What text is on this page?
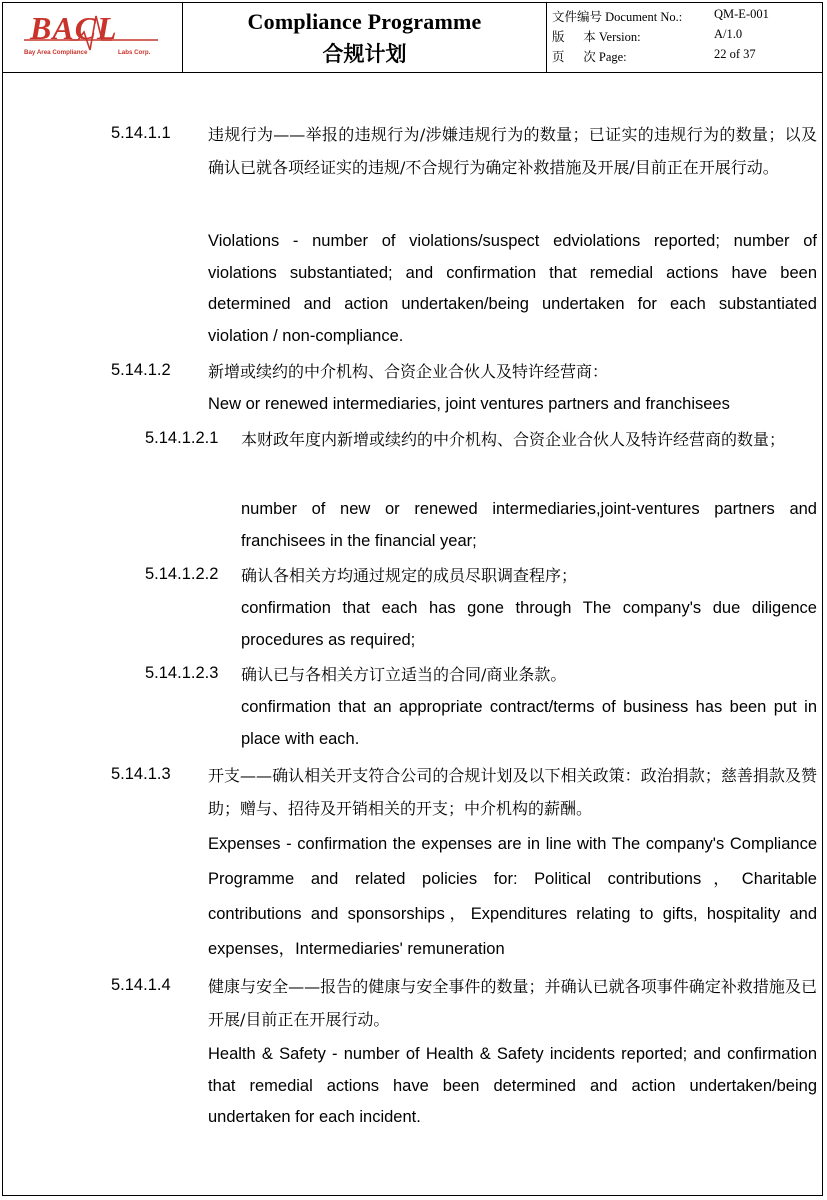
BACL
Bay Area Compliance	Labs Corp.
Compliance Programme
合规计划
文件编号 Document No.:	QM-E-001
版      本 Version:	A/1.0
页      次 Page:	22 of 37
5.14.1.1 违规行为——举报的违规行为/涉嫌违规行为的数量；已证实的违规行为的数量；以及确认已就各项经证实的违规/不合规行为确定补救措施及开展/目前正在开展行动。
Violations - number of violations/suspect edviolations reported; number of violations substantiated; and confirmation that remedial actions have been determined and action undertaken/being undertaken for each substantiated violation / non-compliance.
5.14.1.2 新增或续约的中介机构、合资企业合伙人及特许经营商：
New or renewed intermediaries, joint ventures partners and franchisees
5.14.1.2.1 本财政年度内新增或续约的中介机构、合资企业合伙人及特许经营商的数量；
number of new or renewed intermediaries,joint-ventures partners and franchisees in the financial year;
5.14.1.2.2 确认各相关方均通过规定的成员尽职调查程序；
confirmation that each has gone through The company's due diligence procedures as required;
5.14.1.2.3 确认已与各相关方订立适当的合同/商业条款。
confirmation that an appropriate contract/terms of business has been put in place with each.
5.14.1.3 开支——确认相关开支符合公司的合规计划及以下相关政策：政治捐款；慈善捐款及赞助；赠与、招待及开销相关的开支；中介机构的薪酬。
Expenses - confirmation the expenses are in line with The company's Compliance Programme and related policies for: Political contributions，Charitable contributions and sponsorships，Expenditures relating to gifts, hospitality and expenses，Intermediaries' remuneration
5.14.1.4 健康与安全——报告的健康与安全事件的数量；并确认已就各项事件确定补救措施及已开展/目前正在开展行动。
Health & Safety - number of Health & Safety incidents reported; and confirmation that remedial actions have been determined and action undertaken/being undertaken for each incident.
